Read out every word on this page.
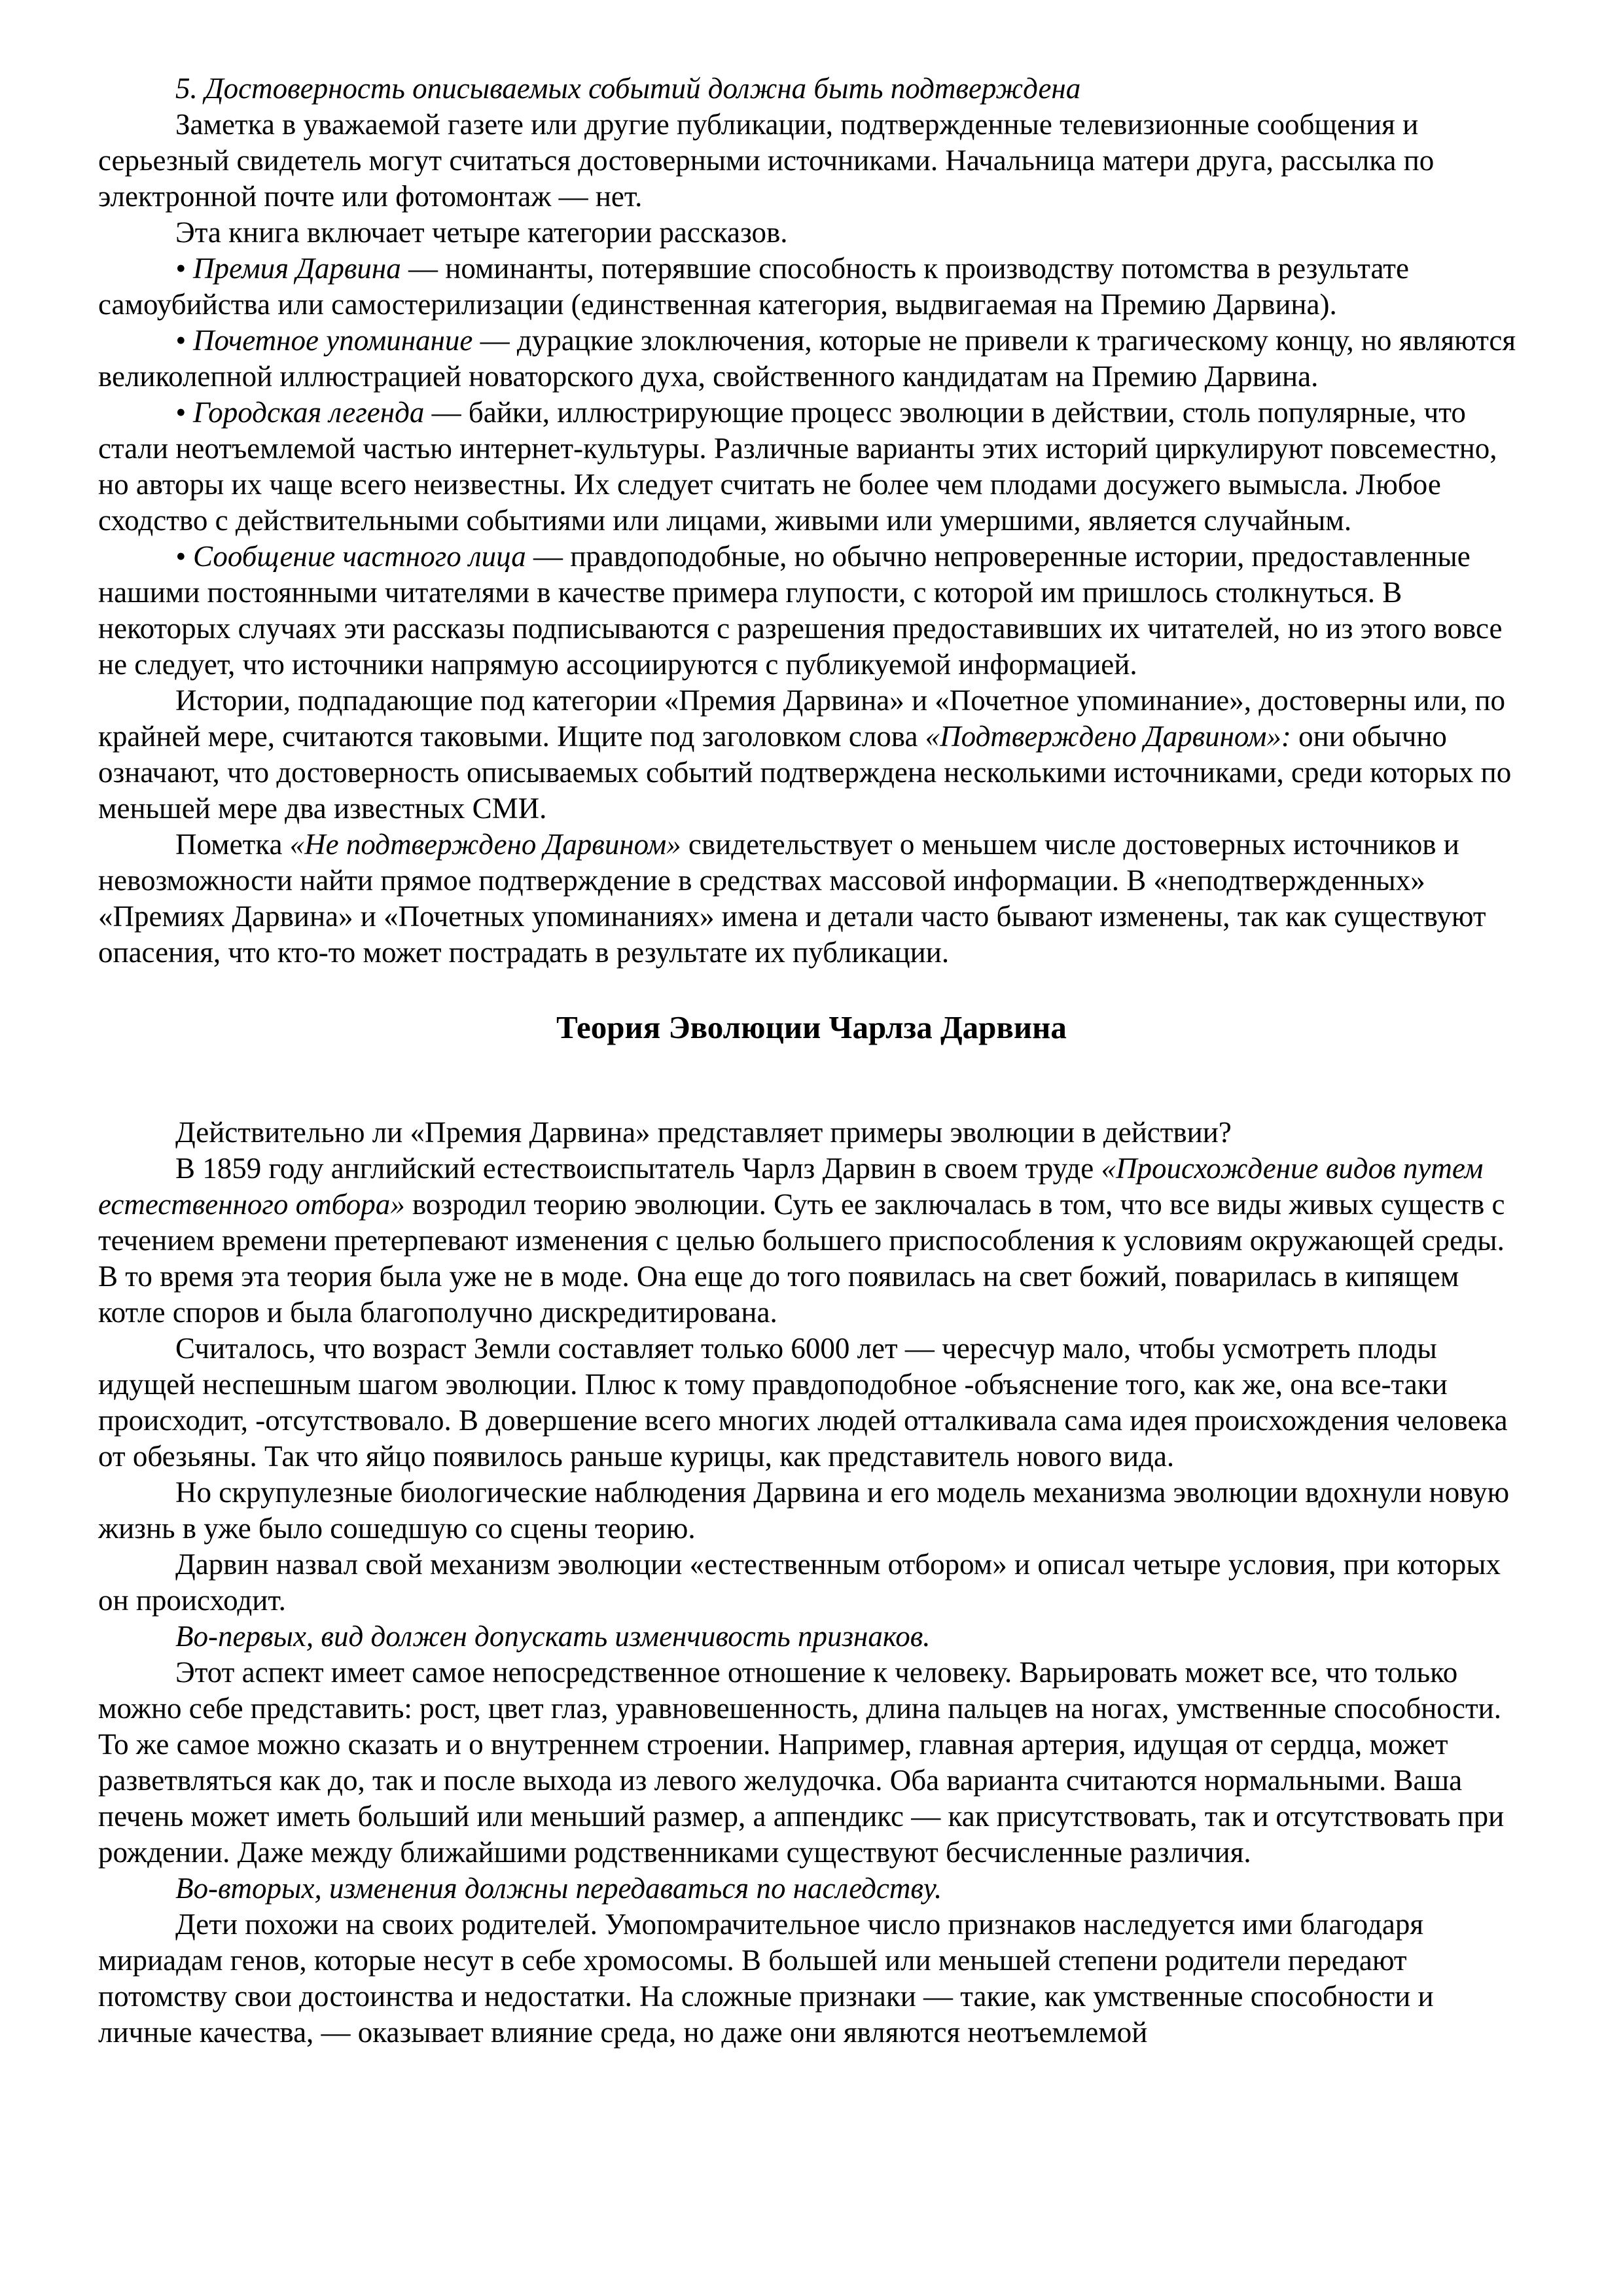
5. Достоверность описываемых событий должна быть подтверждена

Заметка в уважаемой газете или другие публикации, подтвержденные телевизионные сообщения и серьезный свидетель могут считаться достоверными источниками. Начальница матери друга, рассылка по электронной почте или фотомонтаж — нет.

Эта книга включает четыре категории рассказов.

• Премия Дарвина — номинанты, потерявшие способность к производству потомства в результате самоубийства или самостерилизации (единственная категория, выдвигаемая на Премию Дарвина).

• Почетное упоминание — дурацкие злоключения, которые не привели к трагическому концу, но являются великолепной иллюстрацией новаторского духа, свойственного кандидатам на Премию Дарвина.

• Городская легенда — байки, иллюстрирующие процесс эволюции в действии, столь популярные, что стали неотъемлемой частью интернет-культуры. Различные варианты этих историй циркулируют повсеместно, но авторы их чаще всего неизвестны. Их следует считать не более чем плодами досужего вымысла. Любое сходство с действительными событиями или лицами, живыми или умершими, является случайным.

• Сообщение частного лица — правдоподобные, но обычно непроверенные истории, предоставленные нашими постоянными читателями в качестве примера глупости, с которой им пришлось столкнуться. В некоторых случаях эти рассказы подписываются с разрешения предоставивших их читателей, но из этого вовсе не следует, что источники напрямую ассоциируются с публикуемой информацией.

Истории, подпадающие под категории «Премия Дарвина» и «Почетное упоминание», достоверны или, по крайней мере, считаются таковыми. Ищите под заголовком слова «Подтверждено Дарвином»: они обычно означают, что достоверность описываемых событий подтверждена несколькими источниками, среди которых по меньшей мере два известных СМИ.

Пометка «Не подтверждено Дарвином» свидетельствует о меньшем числе достоверных источников и невозможности найти прямое подтверждение в средствах массовой информации. В «неподтвержденных» «Премиях Дарвина» и «Почетных упоминаниях» имена и детали часто бывают изменены, так как существуют опасения, что кто-то может пострадать в результате их публикации.

Теория Эволюции Чарлза Дарвина

Действительно ли «Премия Дарвина» представляет примеры эволюции в действии?

В 1859 году английский естествоиспытатель Чарлз Дарвин в своем труде «Происхождение видов путем естественного отбора» возродил теорию эволюции. Суть ее заключалась в том, что все виды живых существ с течением времени претерпевают изменения с целью большего приспособления к условиям окружающей среды. В то время эта теория была уже не в моде. Она еще до того появилась на свет божий, поварилась в кипящем котле споров и была благополучно дискредитирована.

Считалось, что возраст Земли составляет только 6000 лет — чересчур мало, чтобы усмотреть плоды идущей неспешным шагом эволюции. Плюс к тому правдоподобное -объяснение того, как же, она все-таки происходит, -отсутствовало. В довершение всего многих людей отталкивала сама идея происхождения человека от обезьяны. Так что яйцо появилось раньше курицы, как представитель нового вида.

Но скрупулезные биологические наблюдения Дарвина и его модель механизма эволюции вдохнули новую жизнь в уже было сошедшую со сцены теорию.

Дарвин назвал свой механизм эволюции «естественным отбором» и описал четыре условия, при которых он происходит.

Во-первых, вид должен допускать изменчивость признаков.

Этот аспект имеет самое непосредственное отношение к человеку. Варьировать может все, что только можно себе представить: рост, цвет глаз, уравновешенность, длина пальцев на ногах, умственные способности. То же самое можно сказать и о внутреннем строении. Например, главная артерия, идущая от сердца, может разветвляться как до, так и после выхода из левого желудочка. Оба варианта считаются нормальными. Ваша печень может иметь больший или меньший размер, а аппендикс — как присутствовать, так и отсутствовать при рождении. Даже между ближайшими родственниками существуют бесчисленные различия.

Во-вторых, изменения должны передаваться по наследству.

Дети похожи на своих родителей. Умопомрачительное число признаков наследуется ими благодаря мириадам генов, которые несут в себе хромосомы. В большей или меньшей степени родители передают потомству свои достоинства и недостатки. На сложные признаки — такие, как умственные способности и личные качества, — оказывает влияние среда, но даже они являются неотъемлемой
